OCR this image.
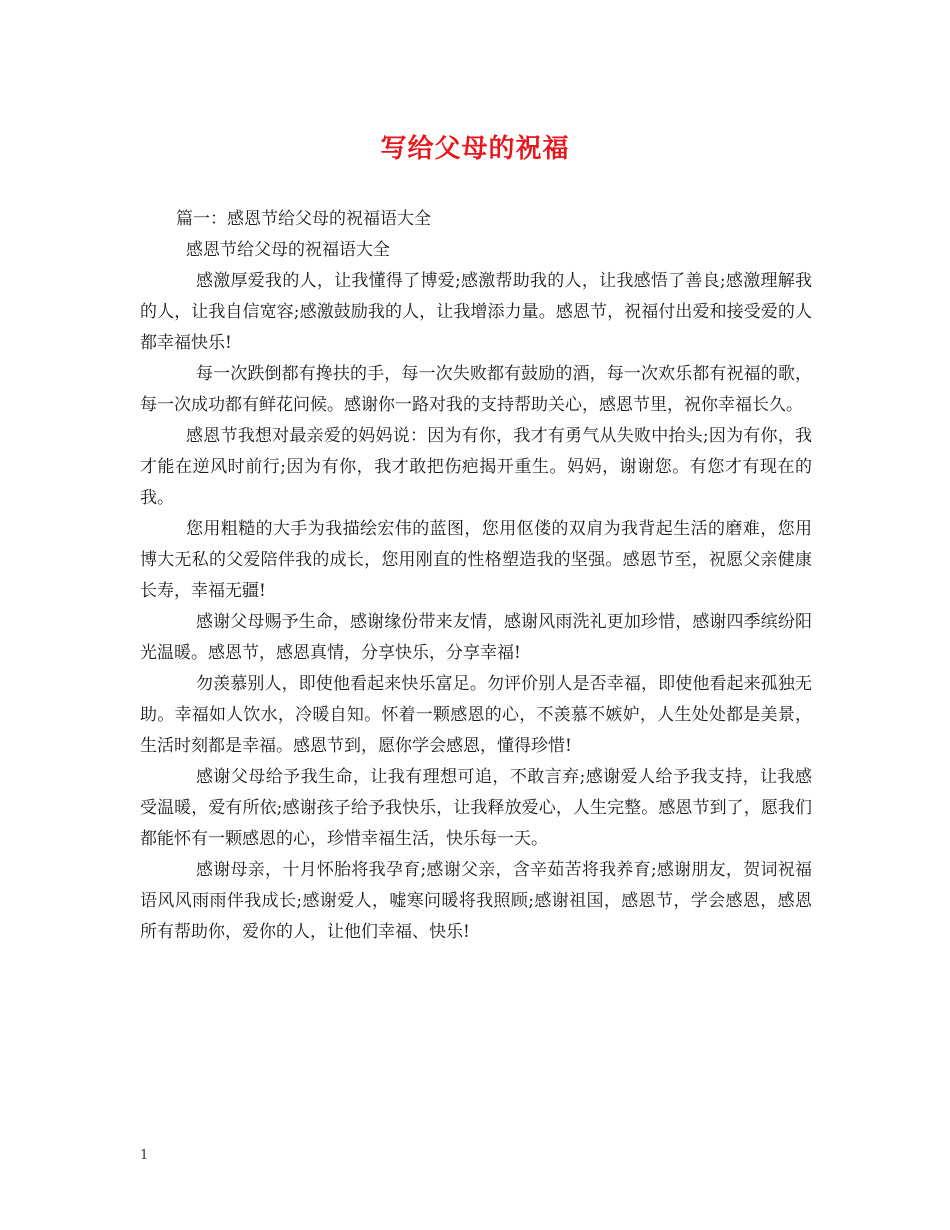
写给父母的祝福

篇一：感恩节给父母的祝福语大全

感恩节给父母的祝福语大全

感激厚爱我的人，让我懂得了博爱;感激帮助我的人，让我感悟了善良;感激理解我的人，让我自信宽容;感激鼓励我的人，让我增添力量。感恩节，祝福付出爱和接受爱的人都幸福快乐!

每一次跌倒都有搀扶的手，每一次失败都有鼓励的酒，每一次欢乐都有祝福的歌，每一次成功都有鲜花问候。感谢你一路对我的支持帮助关心，感恩节里，祝你幸福长久。

感恩节我想对最亲爱的妈妈说：因为有你，我才有勇气从失败中抬头;因为有你，我才能在逆风时前行;因为有你，我才敢把伤疤揭开重生。妈妈，谢谢您。有您才有现在的我。

您用粗糙的大手为我描绘宏伟的蓝图，您用伛偻的双肩为我背起生活的磨难，您用博大无私的父爱陪伴我的成长，您用刚直的性格塑造我的坚强。感恩节至，祝愿父亲健康长寿，幸福无疆!

感谢父母赐予生命，感谢缘份带来友情，感谢风雨洗礼更加珍惜，感谢四季缤纷阳光温暖。感恩节，感恩真情，分享快乐，分享幸福!

勿羡慕别人，即使他看起来快乐富足。勿评价别人是否幸福，即使他看起来孤独无助。幸福如人饮水，冷暖自知。怀着一颗感恩的心，不羡慕不嫉妒，人生处处都是美景，生活时刻都是幸福。感恩节到，愿你学会感恩，懂得珍惜!

感谢父母给予我生命，让我有理想可追，不敢言弃;感谢爱人给予我支持，让我感受温暖，爱有所依;感谢孩子给予我快乐，让我释放爱心，人生完整。感恩节到了，愿我们都能怀有一颗感恩的心，珍惜幸福生活，快乐每一天。

感谢母亲，十月怀胎将我孕育;感谢父亲，含辛茹苦将我养育;感谢朋友，贺词祝福语风风雨雨伴我成长;感谢爱人，嘘寒问暖将我照顾;感谢祖国，感恩节，学会感恩，感恩所有帮助你，爱你的人，让他们幸福、快乐!

1
